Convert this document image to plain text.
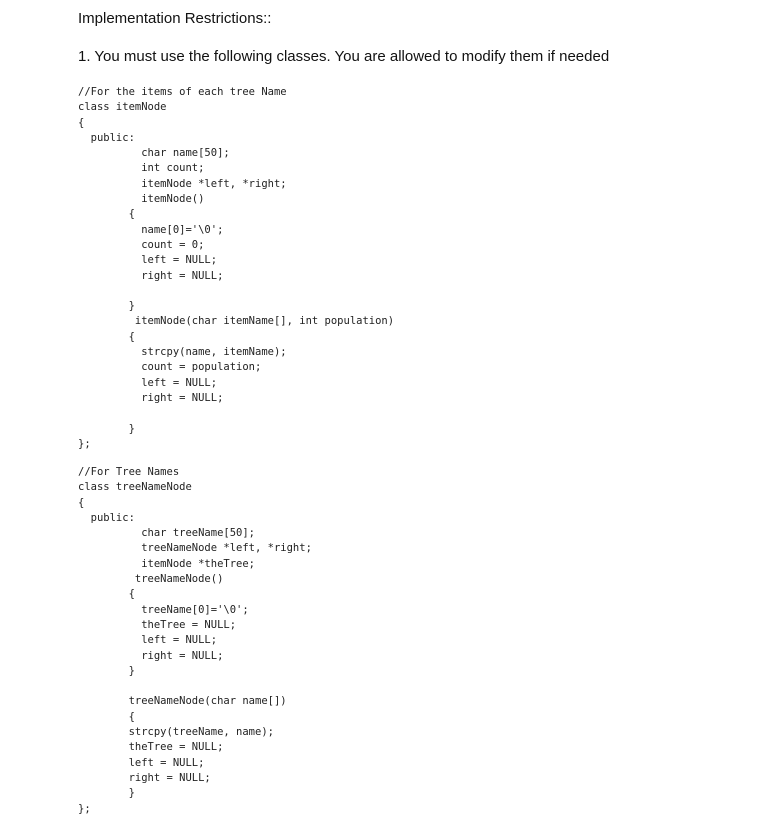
Implementation Restrictions::
1. You must use the following classes. You are allowed to modify them if needed
//For the items of each tree Name
class itemNode
{
public:
char name[50];
int count;
itemNode *left, *right;
itemNode()
{
name[0]='\0';
count = 0;
left = NULL;
right = NULL;

}
itemNode(char itemName[], int population)
{
strcpy(name, itemName);
count = population;
left = NULL;
right = NULL;

}
};
//For Tree Names
class treeNameNode
{
public:
char treeName[50];
treeNameNode *left, *right;
itemNode *theTree;
treeNameNode()
{
treeName[0]='\0';
theTree = NULL;
left = NULL;
right = NULL;
}

treeNameNode(char name[])
{
strcpy(treeName, name);
theTree = NULL;
left = NULL;
right = NULL;
}
};
